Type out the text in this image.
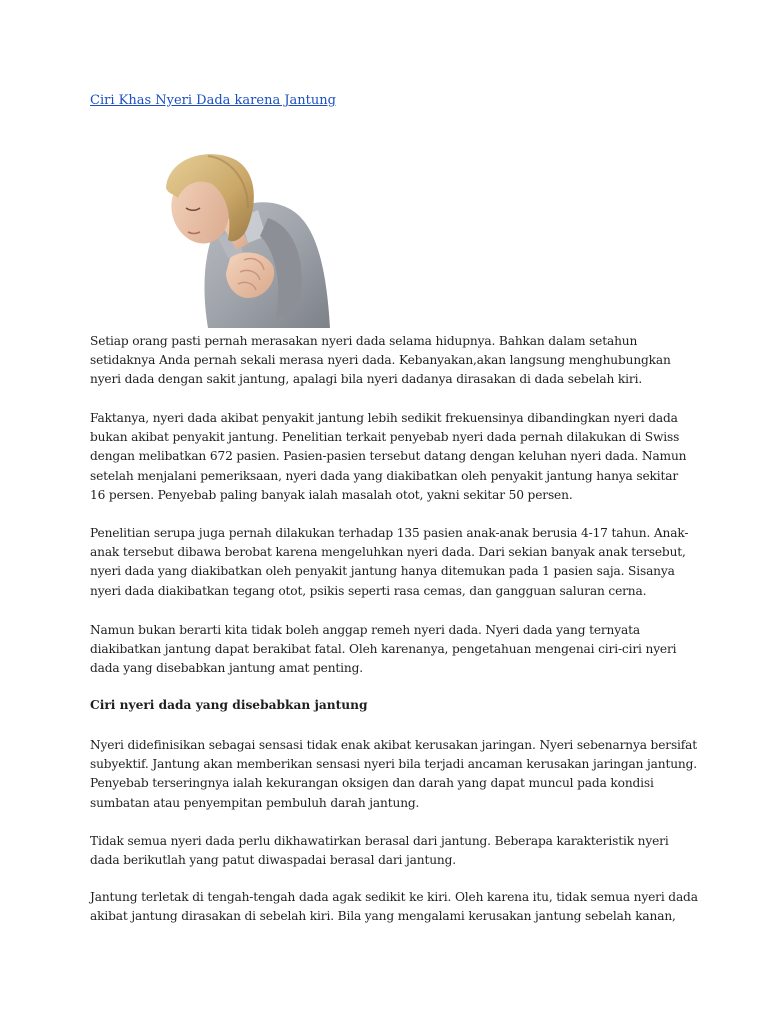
Ciri Khas Nyeri Dada karena Jantung

Setiap orang pasti pernah merasakan nyeri dada selama hidupnya. Bahkan dalam setahun
setidaknya Anda pernah sekali merasa nyeri dada. Kebanyakan,akan langsung menghubungkan
nyeri dada dengan sakit jantung, apalagi bila nyeri dadanya dirasakan di dada sebelah kiri.

Faktanya, nyeri dada akibat penyakit jantung lebih sedikit frekuensinya dibandingkan nyeri dada
bukan akibat penyakit jantung. Penelitian terkait penyebab nyeri dada pernah dilakukan di Swiss
dengan melibatkan 672 pasien. Pasien-pasien tersebut datang dengan keluhan nyeri dada. Namun
setelah menjalani pemeriksaan, nyeri dada yang diakibatkan oleh penyakit jantung hanya sekitar
16 persen. Penyebab paling banyak ialah masalah otot, yakni sekitar 50 persen.

Penelitian serupa juga pernah dilakukan terhadap 135 pasien anak-anak berusia 4-17 tahun. Anak-
anak tersebut dibawa berobat karena mengeluhkan nyeri dada. Dari sekian banyak anak tersebut,
nyeri dada yang diakibatkan oleh penyakit jantung hanya ditemukan pada 1 pasien saja. Sisanya
nyeri dada diakibatkan tegang otot, psikis seperti rasa cemas, dan gangguan saluran cerna.

Namun bukan berarti kita tidak boleh anggap remeh nyeri dada. Nyeri dada yang ternyata
diakibatkan jantung dapat berakibat fatal. Oleh karenanya, pengetahuan mengenai ciri-ciri nyeri
dada yang disebabkan jantung amat penting.

Ciri nyeri dada yang disebabkan jantung

Nyeri didefinisikan sebagai sensasi tidak enak akibat kerusakan jaringan. Nyeri sebenarnya bersifat
subyektif. Jantung akan memberikan sensasi nyeri bila terjadi ancaman kerusakan jaringan jantung.
Penyebab terseringnya ialah kekurangan oksigen dan darah yang dapat muncul pada kondisi
sumbatan atau penyempitan pembuluh darah jantung.

Tidak semua nyeri dada perlu dikhawatirkan berasal dari jantung. Beberapa karakteristik nyeri
dada berikutlah yang patut diwaspadai berasal dari jantung.

Jantung terletak di tengah-tengah dada agak sedikit ke kiri. Oleh karena itu, tidak semua nyeri dada
akibat jantung dirasakan di sebelah kiri. Bila yang mengalami kerusakan jantung sebelah kanan,
